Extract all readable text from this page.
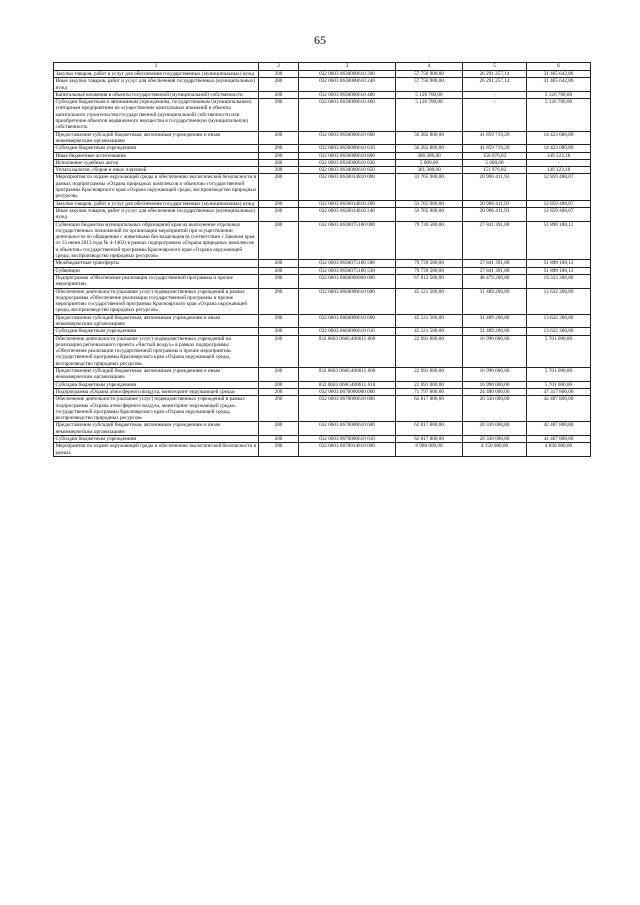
65
1	2	3	4	5	6
Закупка товаров, работ и услуг для обеспечения государственных (муниципальных) нужд	200	032 0603 0630000610 200	57 756 900,00	26 291 257,14	31 465 642,86
Иные закупки товаров, работ и услуг для обеспечения государственных (муниципальных) нужд	200	032 0603 0630000610 240	57 756 900,00	26 291 257,14	31 465 642,86
Капитальные вложения в объекты государственной (муниципальной) собственности	200	032 0603 0630000610 400	5 126 700,00	-	5 126 700,00
Субсидии бюджетным и автономным учреждениям, государственным (муниципальным) унитарным предприятиям на осуществление капитальных вложений в объекты капитального строительства государственной (муниципальной) собственности или приобретение объектов недвижимого имущества в государственную (муниципальную) собственность	200	032 0603 0630000610 460	5 126 700,00	-	5 126 700,00
Предоставление субсидий бюджетным, автономным учреждениям и иным некоммерческим организациям	200	032 0603 0630000610 600	56 282 800,00	41 859 719,20	14 423 080,80
Субсидии бюджетным учреждениям	200	032 0603 0630000610 610	56 282 800,00	41 859 719,20	14 423 080,80
Иные бюджетные ассигнования	200	032 0603 0630000610 800	306 300,00	156 976,82	149 323,18
Исполнение судебных актов	200	032 0603 0630000610 830	5 000,00	5 000,00	-
Уплата налогов, сборов и иных платежей	200	032 0603 0630000610 850	301 300,00	151 976,82	149 323,18
Мероприятия по охране окружающей среды и обеспечению экологической безопасности в рамках подпрограммы «Охрана природных комплексов и объектов» государственной программы Красноярского края «Охрана окружающей среды, воспроизводство природных ресурсов»	200	032 0603 0630014810 000	33 765 900,00	20 906 411,93	12 859 488,07
Закупка товаров, работ и услуг для обеспечения государственных (муниципальных) нужд	200	032 0603 0630014810 200	33 765 900,00	20 906 411,93	12 859 488,07
Иные закупки товаров, работ и услуг для обеспечения государственных (муниципальных) нужд	200	032 0603 0630014810 240	33 765 900,00	20 906 411,93	12 859 488,07
Субвенции бюджетам муниципальных образований края на выполнение отдельных государственных полномочий по организации мероприятий при осуществлении деятельности по обращению с животными без владельцев (в соответствии с Законом края от 13 июня 2013 года № 4-1402) в рамках подпрограммы «Охрана природных комплексов и объектов» государственной программы Красноярского края «Охрана окружающей среды, воспроизводство природных ресурсов»	200	032 0603 0630075180 000	79 739 580,00	27 841 391,88	51 898 188,12
Межбюджетные трансферты	200	032 0603 0630075180 500	79 739 580,00	27 841 391,88	51 898 188,12
Субвенции	200	032 0603 0630075180 530	79 739 580,00	27 841 391,88	51 898 188,12
Подпрограмма «Обеспечение реализации государственной программы и прочие мероприятия»	200	032 0603 0660000000 000	67 812 500,00	48 479 200,00	19 333 300,00
Обеспечение деятельности (оказание услуг) подведомственных учреждений в рамках подпрограммы «Обеспечение реализации государственной программы и прочие мероприятия» государственной программы Красноярского края «Охрана окружающей среды, воспроизводство природных ресурсов»	200	032 0603 0660000610 000	45 121 500,00	31 489 200,00	13 632 300,00
Предоставление субсидий бюджетным, автономным учреждениям и иным некоммерческим организациям	200	032 0603 0660000610 600	45 121 500,00	31 489 200,00	13 632 300,00
Субсидии бюджетным учреждениям	200	032 0603 0660000610 610	45 121 500,00	31 489 200,00	13 632 300,00
Обеспечение деятельности (оказание услуг) подведомственных учреждений на реализацию регионального проекта «Чистый воздух» в рамках подпрограммы «Обеспечение реализации государственной программы и прочие мероприятия» государственной программы Красноярского края «Охрана окружающей среды, воспроизводство природных ресурсов»	200	032 0603 066G400611 000	22 691 000,00	16 990 000,00	5 701 000,00
Предоставление субсидий бюджетным, автономным учреждениям и иным некоммерческим организациям	200	032 0603 066G400611 600	22 691 000,00	16 990 000,00	5 701 000,00
Субсидии бюджетным учреждениям	200	032 0603 066G400611 610	22 691 000,00	16 990 000,00	5 701 000,00
Подпрограмма «Охрана атмосферного воздуха, мониторинг окружающей среды»	200	032 0603 0670000000 000	71 797 800,00	24 480 000,00	47 317 800,00
Обеспечение деятельности (оказание услуг) подведомственных учреждений в рамках подпрограммы «Охрана атмосферного воздуха, мониторинг окружающей среды» государственной программы Красноярского края «Охрана окружающей среды, воспроизводство природных ресурсов»	200	032 0603 0670000610 000	62 817 800,00	20 330 000,00	42 487 800,00
Предоставление субсидий бюджетным, автономным учреждениям и иным некоммерческим организациям	200	032 0603 0670000610 600	62 817 800,00	20 330 000,00	42 487 800,00
Субсидии бюджетным учреждениям	200	032 0603 0670000610 610	62 817 800,00	20 330 000,00	42 487 800,00
Мероприятия по охране окружающей среды и обеспечению экологической безопасности в рамках	200	032 0603 0670014810 000	8 980 000,00	4 150 000,00	4 830 000,00
